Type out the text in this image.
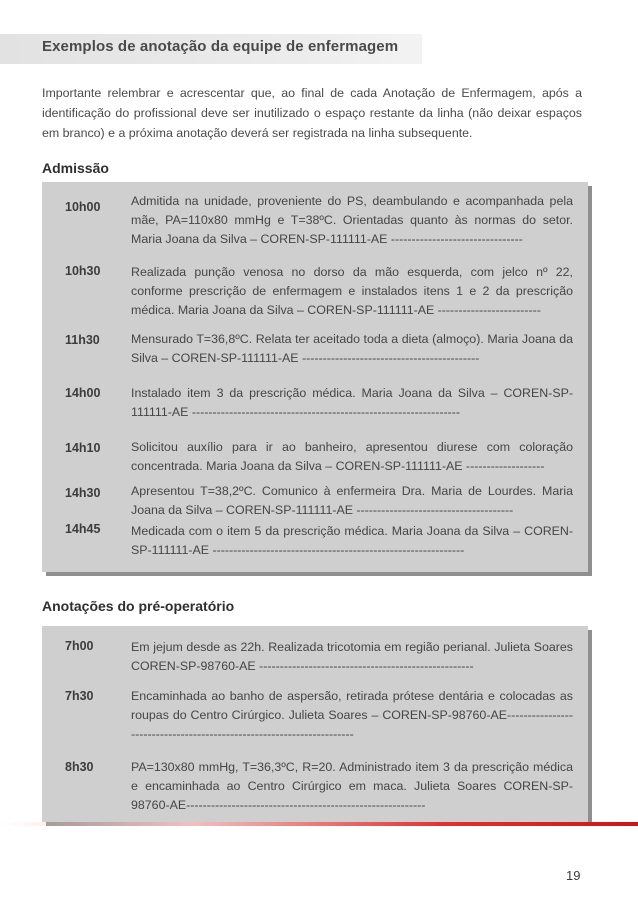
Exemplos de anotação da equipe de enfermagem
Importante relembrar e acrescentar que, ao final de cada Anotação de Enfermagem, após a identificação do profissional deve ser inutilizado o espaço restante da linha (não deixar espaços em branco) e a próxima anotação deverá ser registrada na linha subsequente.
Admissão
10h00 Admitida na unidade, proveniente do PS, deambulando e acompanhada pela mãe, PA=110x80 mmHg e T=38ºC. Orientadas quanto às normas do setor. Maria Joana da Silva – COREN-SP-111111-AE --------------------------------
10h30 Realizada punção venosa no dorso da mão esquerda, com jelco nº 22, conforme prescrição de enfermagem e instalados itens 1 e 2 da prescrição médica. Maria Joana da Silva – COREN-SP-111111-AE -------------------------
11h30	Mensurado T=36,8ºC. Relata ter aceitado toda a dieta (almoço). Maria Joana da Silva – COREN-SP-111111-AE -------------------------------------------
14h00 Instalado item 3 da prescrição médica. Maria Joana da Silva – COREN-SP-111111-AE -----------------------------------------------------------------
14h10 Solicitou auxílio para ir ao banheiro, apresentou diurese com coloração concentrada. Maria Joana da Silva – COREN-SP-111111-AE -------------------
14h30 Apresentou T=38,2ºC. Comunico à enfermeira Dra. Maria de Lourdes. Maria Joana da Silva – COREN-SP-111111-AE --------------------------------------
14h45 Medicada com o item 5 da prescrição médica. Maria Joana da Silva – COREN-SP-111111-AE -------------------------------------------------------------
Anotações do pré-operatório
7h00	Em jejum desde as 22h. Realizada tricotomia em região perianal. Julieta Soares COREN-SP-98760-AE ----------------------------------------------------
7h30	Encaminhada ao banho de aspersão, retirada prótese dentária e colocadas as roupas do Centro Cirúrgico. Julieta Soares – COREN-SP-98760-AE----------------------------------------------------------------------
8h30	PA=130x80 mmHg, T=36,3ºC, R=20. Administrado item 3 da prescrição médica e encaminhada ao Centro Cirúrgico em maca. Julieta Soares COREN-SP-98760-AE----------------------------------------------------------
19
